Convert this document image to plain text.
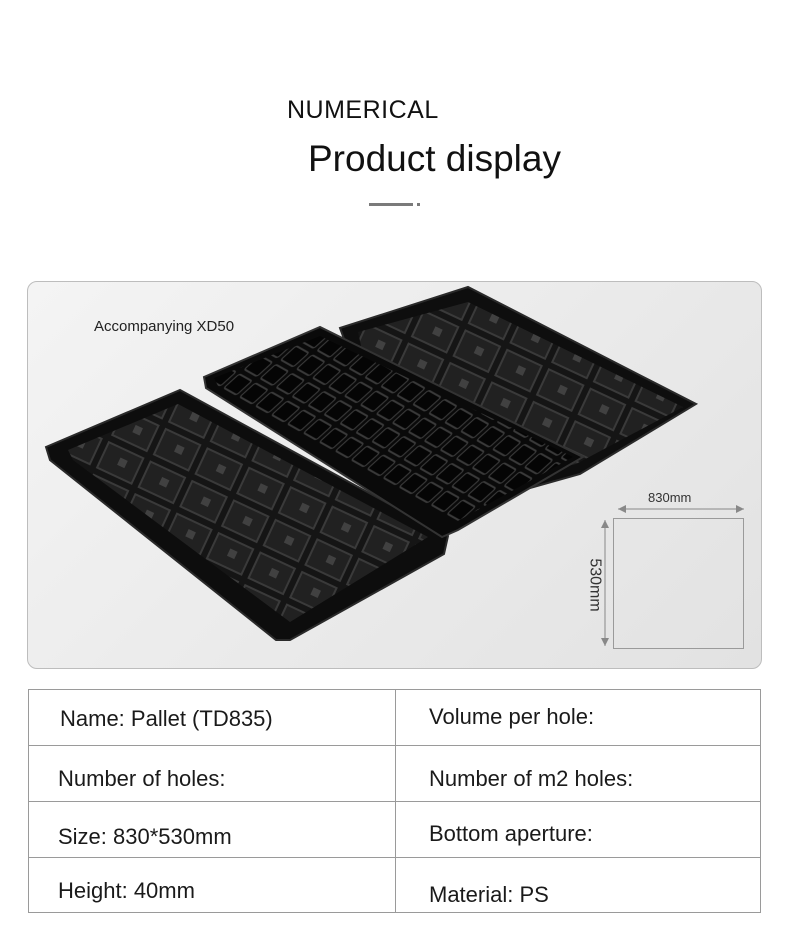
NUMERICAL
Product display
Accompanying XD50
830mm
530mm
Name: Pallet (TD835)	Volume per hole:
Number of holes:	Number of m2 holes:
Size: 830*530mm	Bottom aperture:
Height: 40mm	Material: PS
